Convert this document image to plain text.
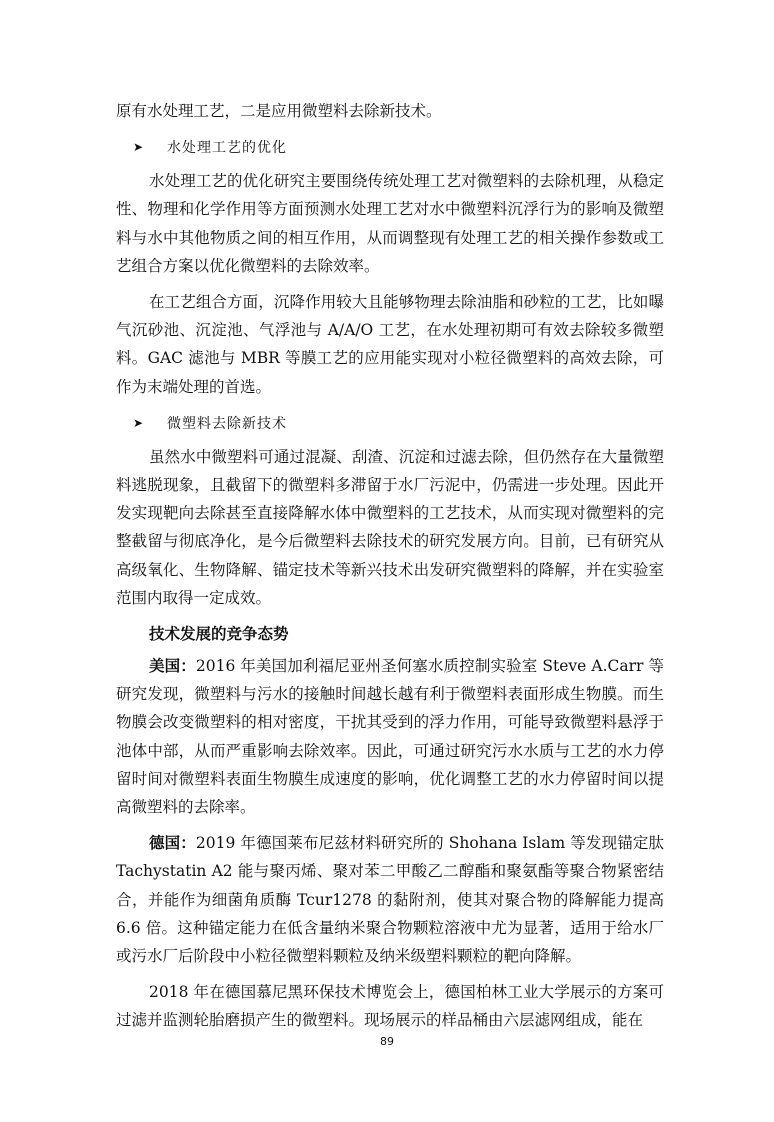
原有水处理工艺，二是应用微塑料去除新技术。

➤	水处理工艺的优化

水处理工艺的优化研究主要围绕传统处理工艺对微塑料的去除机理，从稳定性、物理和化学作用等方面预测水处理工艺对水中微塑料沉浮行为的影响及微塑料与水中其他物质之间的相互作用，从而调整现有处理工艺的相关操作参数或工艺组合方案以优化微塑料的去除效率。

在工艺组合方面，沉降作用较大且能够物理去除油脂和砂粒的工艺，比如曝气沉砂池、沉淀池、气浮池与 A/A/O 工艺，在水处理初期可有效去除较多微塑料。GAC 滤池与 MBR 等膜工艺的应用能实现对小粒径微塑料的高效去除，可作为末端处理的首选。

➤	微塑料去除新技术

虽然水中微塑料可通过混凝、刮渣、沉淀和过滤去除，但仍然存在大量微塑料逃脱现象，且截留下的微塑料多滞留于水厂污泥中，仍需进一步处理。因此开发实现靶向去除甚至直接降解水体中微塑料的工艺技术，从而实现对微塑料的完整截留与彻底净化，是今后微塑料去除技术的研究发展方向。目前，已有研究从高级氧化、生物降解、锚定技术等新兴技术出发研究微塑料的降解，并在实验室范围内取得一定成效。

技术发展的竞争态势

美国：2016 年美国加利福尼亚州圣何塞水质控制实验室 Steve A.Carr 等研究发现，微塑料与污水的接触时间越长越有利于微塑料表面形成生物膜。而生物膜会改变微塑料的相对密度，干扰其受到的浮力作用，可能导致微塑料悬浮于池体中部，从而严重影响去除效率。因此，可通过研究污水水质与工艺的水力停留时间对微塑料表面生物膜生成速度的影响，优化调整工艺的水力停留时间以提高微塑料的去除率。

德国：2019 年德国莱布尼兹材料研究所的 Shohana Islam 等发现锚定肽 Tachystatin A2 能与聚丙烯、聚对苯二甲酸乙二醇酯和聚氨酯等聚合物紧密结合，并能作为细菌角质酶 Tcur1278 的黏附剂，使其对聚合物的降解能力提高 6.6 倍。这种锚定能力在低含量纳米聚合物颗粒溶液中尤为显著，适用于给水厂或污水厂后阶段中小粒径微塑料颗粒及纳米级塑料颗粒的靶向降解。

2018 年在德国慕尼黑环保技术博览会上，德国柏林工业大学展示的方案可过滤并监测轮胎磨损产生的微塑料。现场展示的样品桶由六层滤网组成，能在

89
